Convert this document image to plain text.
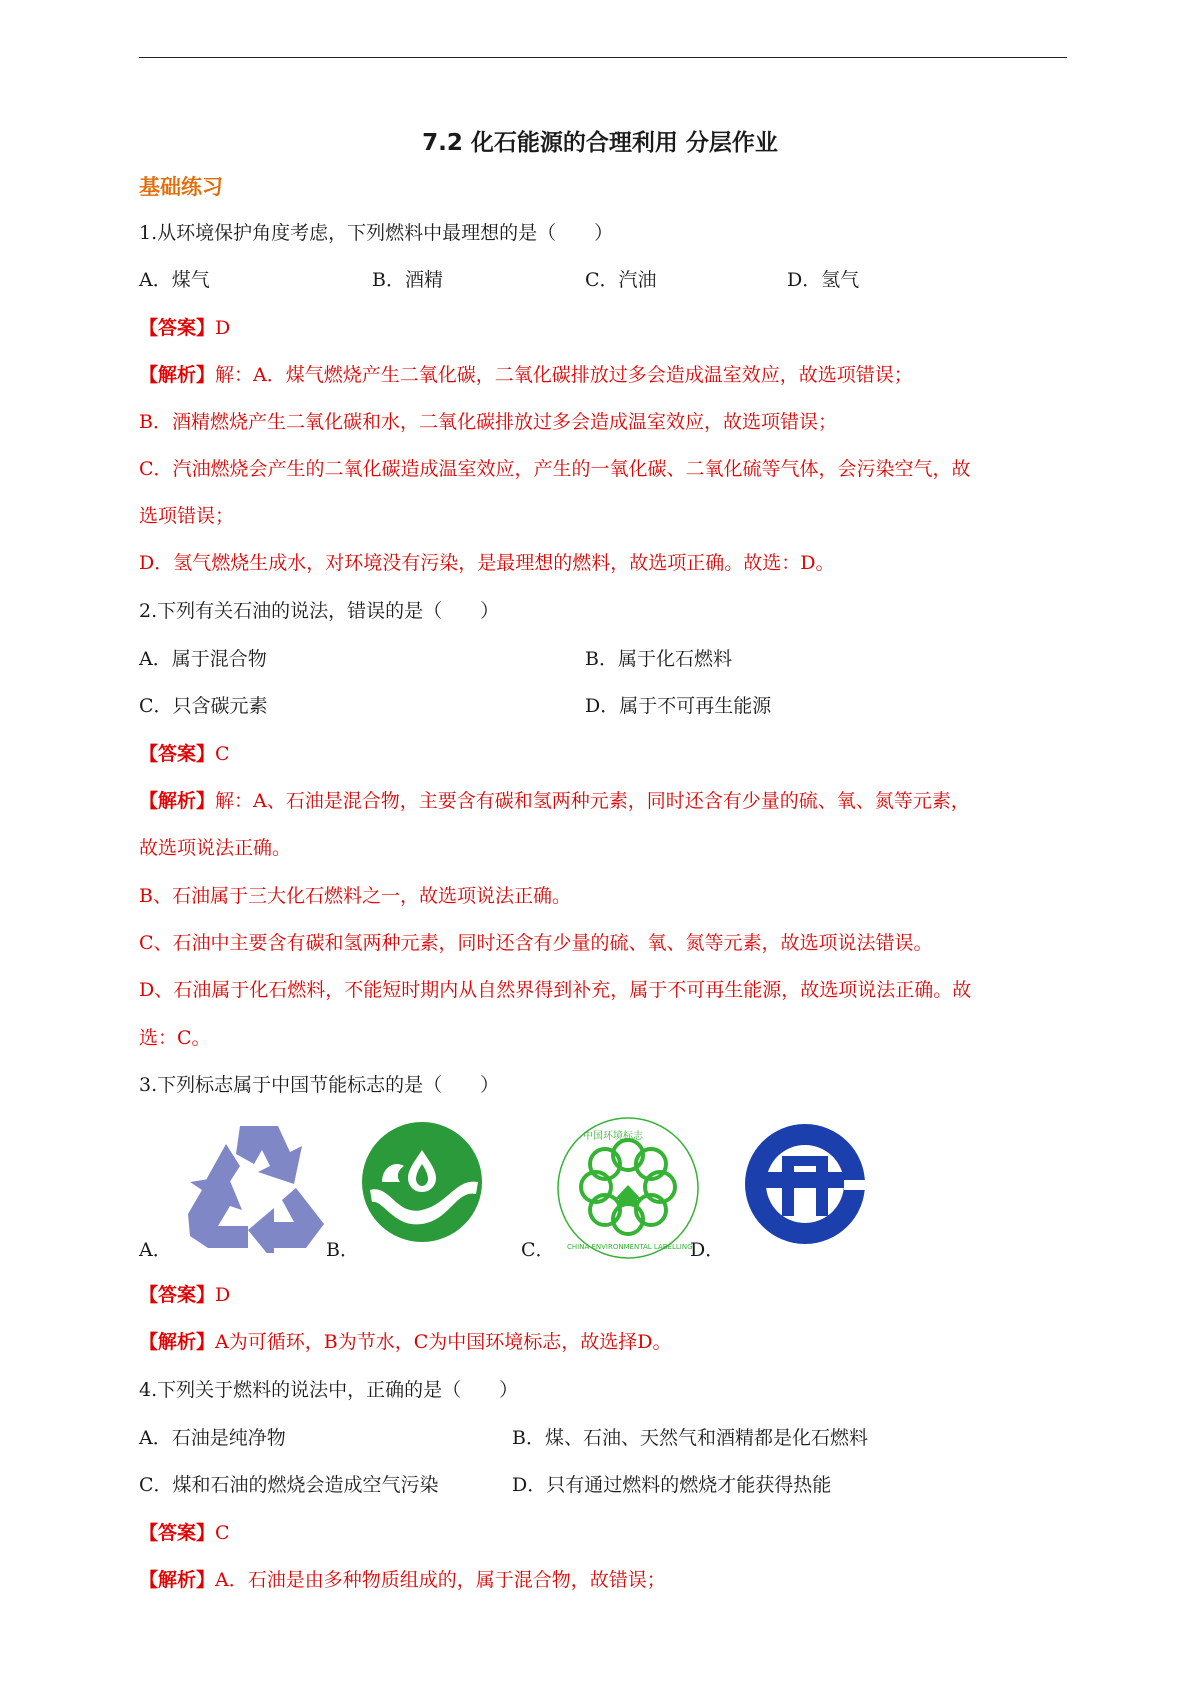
7.2 化石能源的合理利用 分层作业
基础练习
1.从环境保护角度考虑，下列燃料中最理想的是（　　）
A．煤气	B．酒精	C．汽油	D．氢气
【答案】D
【解析】解：A．煤气燃烧产生二氧化碳，二氧化碳排放过多会造成温室效应，故选项错误；
B．酒精燃烧产生二氧化碳和水，二氧化碳排放过多会造成温室效应，故选项错误；
C．汽油燃烧会产生的二氧化碳造成温室效应，产生的一氧化碳、二氧化硫等气体，会污染空气，故
选项错误；
D．氢气燃烧生成水，对环境没有污染，是最理想的燃料，故选项正确。故选：D。
2.下列有关石油的说法，错误的是（　　）
A．属于混合物	B．属于化石燃料
C．只含碳元素	D．属于不可再生能源
【答案】C
【解析】解：A、石油是混合物，主要含有碳和氢两种元素，同时还含有少量的硫、氧、氮等元素，
故选项说法正确。
B、石油属于三大化石燃料之一，故选项说法正确。
C、石油中主要含有碳和氢两种元素，同时还含有少量的硫、氧、氮等元素，故选项说法错误。
D、石油属于化石燃料，不能短时期内从自然界得到补充，属于不可再生能源，故选项说法正确。故
选：C。
3.下列标志属于中国节能标志的是（　　）
A．	B．	C．
中国环境标志
CHINA ENVIRONMENTAL LABELLING
D．
【答案】D
【解析】A为可循环，B为节水，C为中国环境标志，故选择D。
4.下列关于燃料的说法中，正确的是（　　）
A．石油是纯净物	B．煤、石油、天然气和酒精都是化石燃料
C．煤和石油的燃烧会造成空气污染	D．只有通过燃料的燃烧才能获得热能
【答案】C
【解析】A．石油是由多种物质组成的，属于混合物，故错误；
